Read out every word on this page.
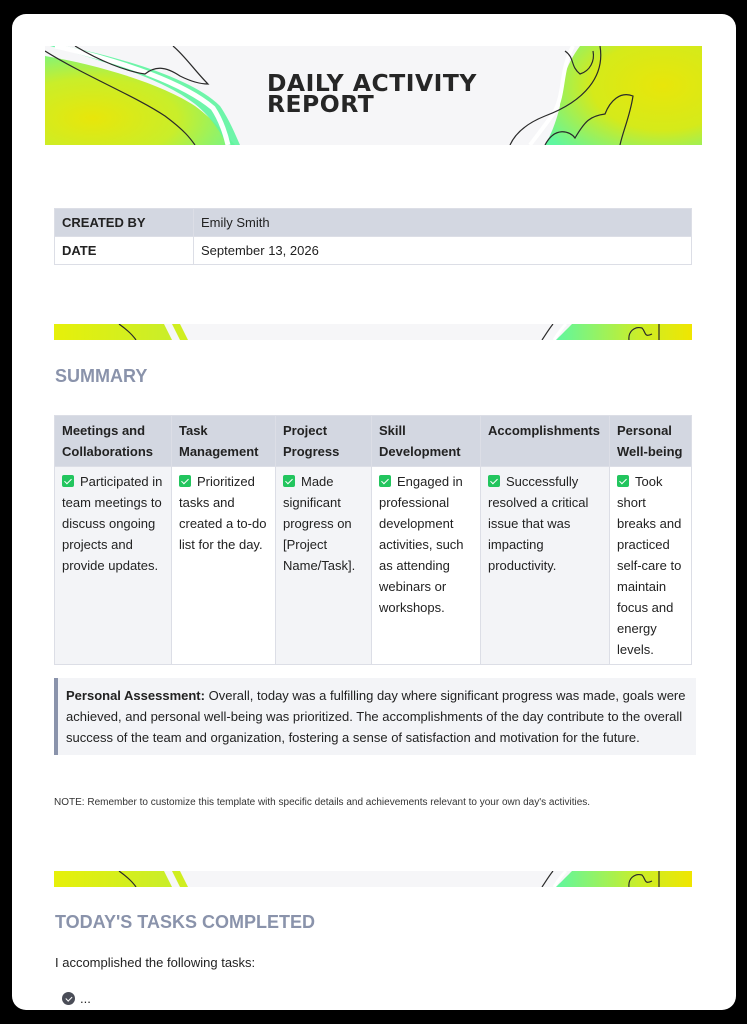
DAILY ACTIVITY
REPORT
CREATED BY	Emily Smith
DATE	September 13, 2026
SUMMARY
Meetings and Collaborations	Task Management	Project Progress	Skill Development	Accomplishments	Personal Well-being
Participated in team meetings to discuss ongoing projects and provide updates.	Prioritized tasks and created a to-do list for the day.	Made significant progress on [Project Name/Task].	Engaged in professional development activities, such as attending webinars or workshops.	Successfully resolved a critical issue that was impacting productivity.	Took short breaks and practiced self-care to maintain focus and energy levels.
Personal Assessment: Overall, today was a fulfilling day where significant progress was made, goals were achieved, and personal well-being was prioritized. The accomplishments of the day contribute to the overall success of the team and organization, fostering a sense of satisfaction and motivation for the future.
NOTE: Remember to customize this template with specific details and achievements relevant to your own day's activities.
TODAY'S TASKS COMPLETED
I accomplished the following tasks:
...
